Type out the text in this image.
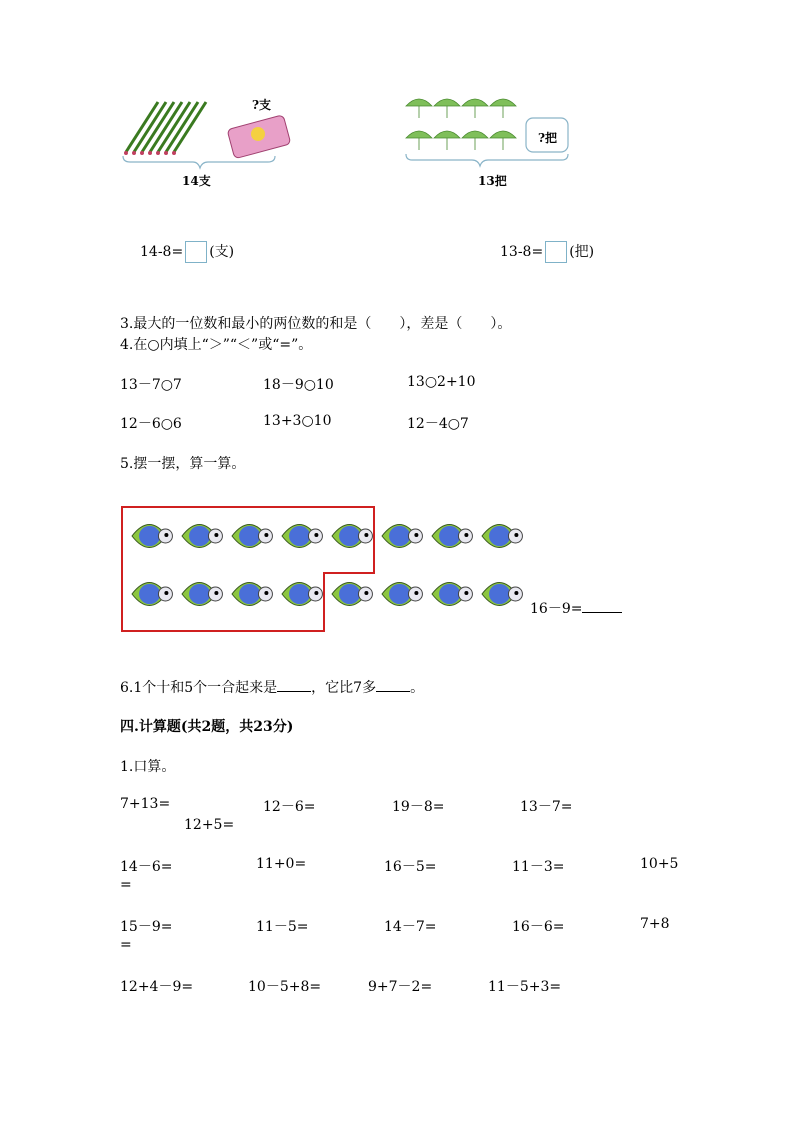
?支
14支
?把
13把
14-8= (支)	13-8= (把)
3.最大的一位数和最小的两位数的和是（　　），差是（　　）。
4.在○内填上“＞”“＜”或“=”。
13－7○7	18－9○10	13○2+10
12－6○6	13+3○10	12－4○7
5.摆一摆，算一算。
16－9=
6.1个十和5个一合起来是 ，它比7多 。
四.计算题(共2题，共23分)
1.口算。
7+13=	12－6=	19－8=	13－7=
12+5=
14－6=	11+0=	16－5=	11－3=	10+5
=
15－9=	11－5=	14－7=	16－6=	7+8
=
12+4－9=	10－5+8=	9+7－2=	11－5+3=
